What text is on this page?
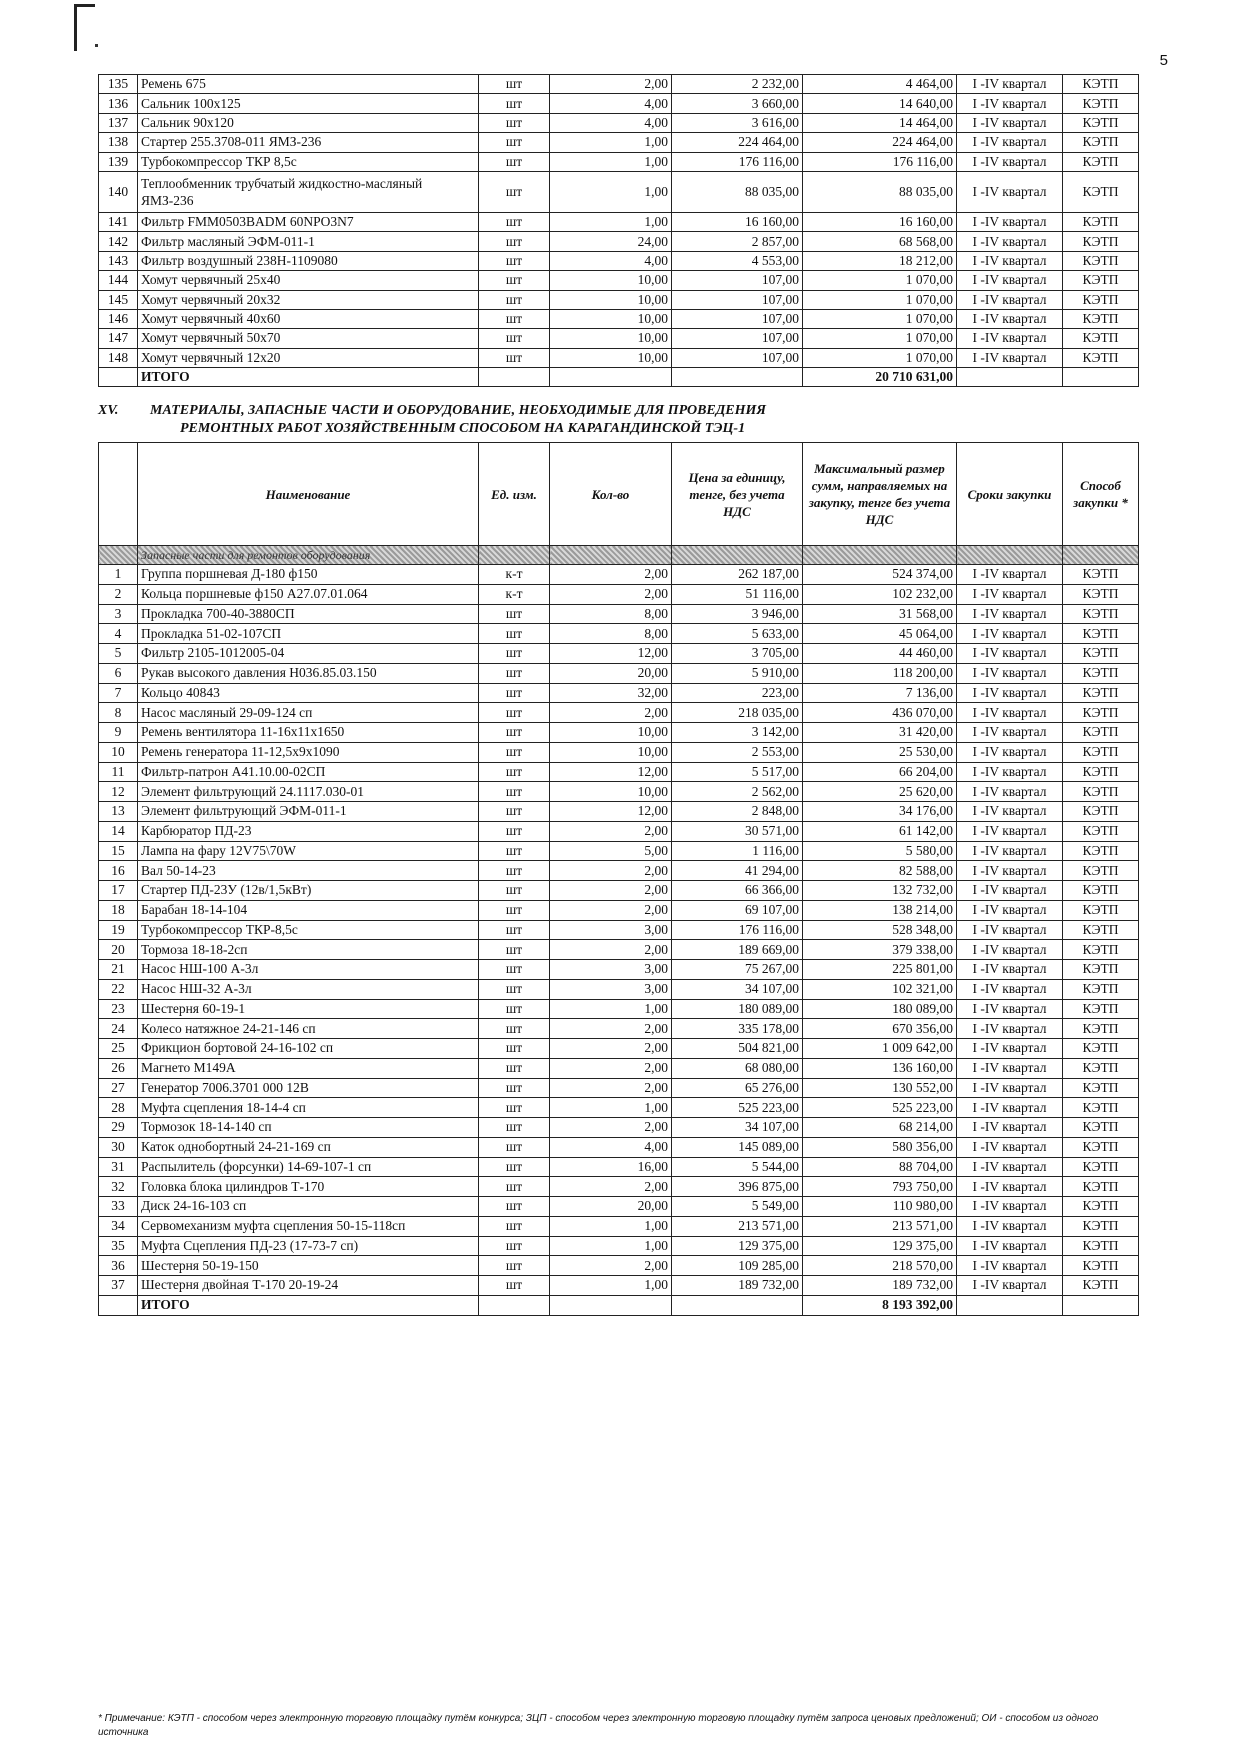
5
135	Ремень 675	шт	2,00	2 232,00	4 464,00	I -IV квартал	КЭТП
136	Сальник 100х125	шт	4,00	3 660,00	14 640,00	I -IV квартал	КЭТП
137	Сальник 90х120	шт	4,00	3 616,00	14 464,00	I -IV квартал	КЭТП
138	Стартер 255.3708-011 ЯМЗ-236	шт	1,00	224 464,00	224 464,00	I -IV квартал	КЭТП
139	Турбокомпрессор ТКР 8,5с	шт	1,00	176 116,00	176 116,00	I -IV квартал	КЭТП
140	Теплообменник трубчатый жидкостно-масляный ЯМЗ-236	шт	1,00	88 035,00	88 035,00	I -IV квартал	КЭТП
141	Фильтр FMM0503BADM 60NPO3N7	шт	1,00	16 160,00	16 160,00	I -IV квартал	КЭТП
142	Фильтр масляный ЭФМ-011-1	шт	24,00	2 857,00	68 568,00	I -IV квартал	КЭТП
143	Фильтр воздушный 238Н-1109080	шт	4,00	4 553,00	18 212,00	I -IV квартал	КЭТП
144	Хомут червячный 25х40	шт	10,00	107,00	1 070,00	I -IV квартал	КЭТП
145	Хомут червячный 20х32	шт	10,00	107,00	1 070,00	I -IV квартал	КЭТП
146	Хомут червячный 40х60	шт	10,00	107,00	1 070,00	I -IV квартал	КЭТП
147	Хомут червячный 50х70	шт	10,00	107,00	1 070,00	I -IV квартал	КЭТП
148	Хомут червячный 12х20	шт	10,00	107,00	1 070,00	I -IV квартал	КЭТП
	ИТОГО				20 710 631,00		
XV. МАТЕРИАЛЫ, ЗАПАСНЫЕ ЧАСТИ И ОБОРУДОВАНИЕ, НЕОБХОДИМЫЕ ДЛЯ ПРОВЕДЕНИЯ
РЕМОНТНЫХ РАБОТ ХОЗЯЙСТВЕННЫМ СПОСОБОМ НА КАРАГАНДИНСКОЙ ТЭЦ-1
	Наименование	Ед. изм.	Кол-во	Цена за единицу, тенге, без учета НДС	Максимальный размер сумм, направляемых на закупку, тенге без учета НДС	Сроки закупки	Способ закупки *
	Запасные части для ремонтов оборудования						
1	Группа поршневая Д-180 ф150	к-т	2,00	262 187,00	524 374,00	I -IV квартал	КЭТП
2	Кольца поршневые ф150 А27.07.01.064	к-т	2,00	51 116,00	102 232,00	I -IV квартал	КЭТП
3	Прокладка 700-40-3880СП	шт	8,00	3 946,00	31 568,00	I -IV квартал	КЭТП
4	Прокладка 51-02-107СП	шт	8,00	5 633,00	45 064,00	I -IV квартал	КЭТП
5	Фильтр 2105-1012005-04	шт	12,00	3 705,00	44 460,00	I -IV квартал	КЭТП
6	Рукав высокого давления Н036.85.03.150	шт	20,00	5 910,00	118 200,00	I -IV квартал	КЭТП
7	Кольцо 40843	шт	32,00	223,00	7 136,00	I -IV квартал	КЭТП
8	Насос масляный 29-09-124 сп	шт	2,00	218 035,00	436 070,00	I -IV квартал	КЭТП
9	Ремень вентилятора 11-16х11х1650	шт	10,00	3 142,00	31 420,00	I -IV квартал	КЭТП
10	Ремень генератора 11-12,5х9х1090	шт	10,00	2 553,00	25 530,00	I -IV квартал	КЭТП
11	Фильтр-патрон А41.10.00-02СП	шт	12,00	5 517,00	66 204,00	I -IV квартал	КЭТП
12	Элемент фильтрующий 24.1117.030-01	шт	10,00	2 562,00	25 620,00	I -IV квартал	КЭТП
13	Элемент фильтрующий ЭФМ-011-1	шт	12,00	2 848,00	34 176,00	I -IV квартал	КЭТП
14	Карбюратор ПД-23	шт	2,00	30 571,00	61 142,00	I -IV квартал	КЭТП
15	Лампа на фару 12V75\70W	шт	5,00	1 116,00	5 580,00	I -IV квартал	КЭТП
16	Вал 50-14-23	шт	2,00	41 294,00	82 588,00	I -IV квартал	КЭТП
17	Стартер ПД-23У (12в/1,5кВт)	шт	2,00	66 366,00	132 732,00	I -IV квартал	КЭТП
18	Барабан 18-14-104	шт	2,00	69 107,00	138 214,00	I -IV квартал	КЭТП
19	Турбокомпрессор ТКР-8,5с	шт	3,00	176 116,00	528 348,00	I -IV квартал	КЭТП
20	Тормоза 18-18-2сп	шт	2,00	189 669,00	379 338,00	I -IV квартал	КЭТП
21	Насос НШ-100 А-3л	шт	3,00	75 267,00	225 801,00	I -IV квартал	КЭТП
22	Насос НШ-32 А-3л	шт	3,00	34 107,00	102 321,00	I -IV квартал	КЭТП
23	Шестерня 60-19-1	шт	1,00	180 089,00	180 089,00	I -IV квартал	КЭТП
24	Колесо натяжное 24-21-146 сп	шт	2,00	335 178,00	670 356,00	I -IV квартал	КЭТП
25	Фрикцион бортовой 24-16-102 сп	шт	2,00	504 821,00	1 009 642,00	I -IV квартал	КЭТП
26	Магнето М149А	шт	2,00	68 080,00	136 160,00	I -IV квартал	КЭТП
27	Генератор 7006.3701 000 12В	шт	2,00	65 276,00	130 552,00	I -IV квартал	КЭТП
28	Муфта сцепления 18-14-4 сп	шт	1,00	525 223,00	525 223,00	I -IV квартал	КЭТП
29	Тормозок 18-14-140 сп	шт	2,00	34 107,00	68 214,00	I -IV квартал	КЭТП
30	Каток однобортный 24-21-169 сп	шт	4,00	145 089,00	580 356,00	I -IV квартал	КЭТП
31	Распылитель (форсунки) 14-69-107-1 сп	шт	16,00	5 544,00	88 704,00	I -IV квартал	КЭТП
32	Головка блока цилиндров Т-170	шт	2,00	396 875,00	793 750,00	I -IV квартал	КЭТП
33	Диск 24-16-103 сп	шт	20,00	5 549,00	110 980,00	I -IV квартал	КЭТП
34	Сервомеханизм муфта сцепления 50-15-118сп	шт	1,00	213 571,00	213 571,00	I -IV квартал	КЭТП
35	Муфта Сцепления ПД-23 (17-73-7 сп)	шт	1,00	129 375,00	129 375,00	I -IV квартал	КЭТП
36	Шестерня 50-19-150	шт	2,00	109 285,00	218 570,00	I -IV квартал	КЭТП
37	Шестерня двойная Т-170 20-19-24	шт	1,00	189 732,00	189 732,00	I -IV квартал	КЭТП
	ИТОГО				8 193 392,00		
* Примечание: КЭТП - способом через электронную торговую площадку путём конкурса; ЗЦП - способом через электронную торговую площадку путём запроса ценовых предложений; ОИ - способом из одного источника
